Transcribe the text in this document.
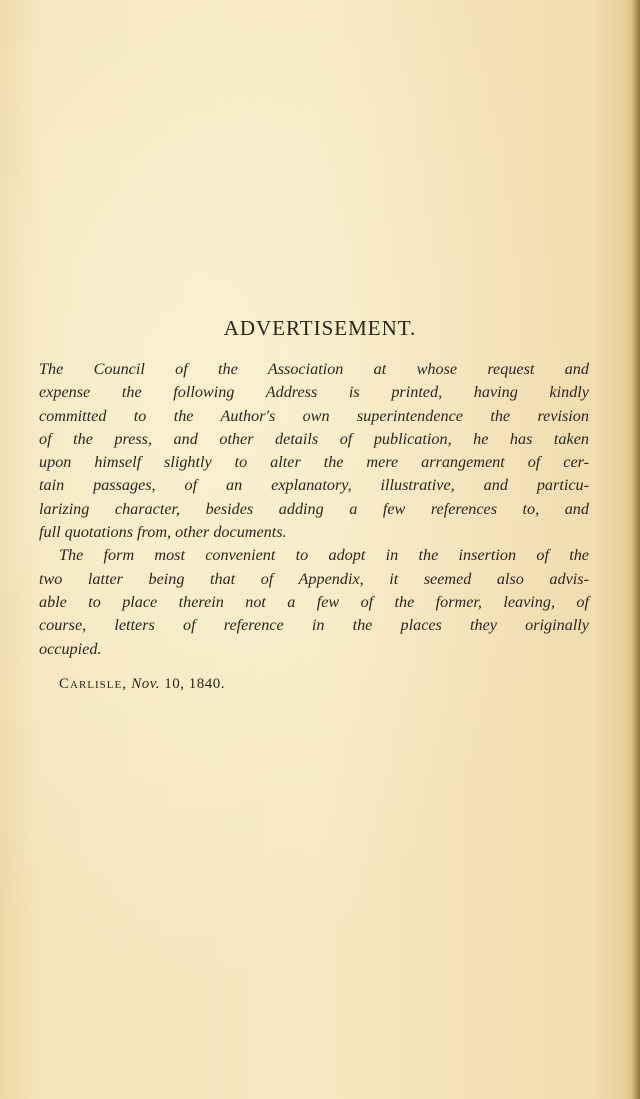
ADVERTISEMENT.

The Council of the Association at whose request and
expense the following Address is printed, having kindly
committed to the Author's own superintendence the revision
of the press, and other details of publication, he has taken
upon himself slightly to alter the mere arrangement of cer-
tain passages, of an explanatory, illustrative, and particu-
larizing character, besides adding a few references to, and
full quotations from, other documents.

The form most convenient to adopt in the insertion of the
two latter being that of Appendix, it seemed also advis-
able to place therein not a few of the former, leaving, of
course, letters of reference in the places they originally
occupied.

Carlisle, Nov. 10, 1840.
